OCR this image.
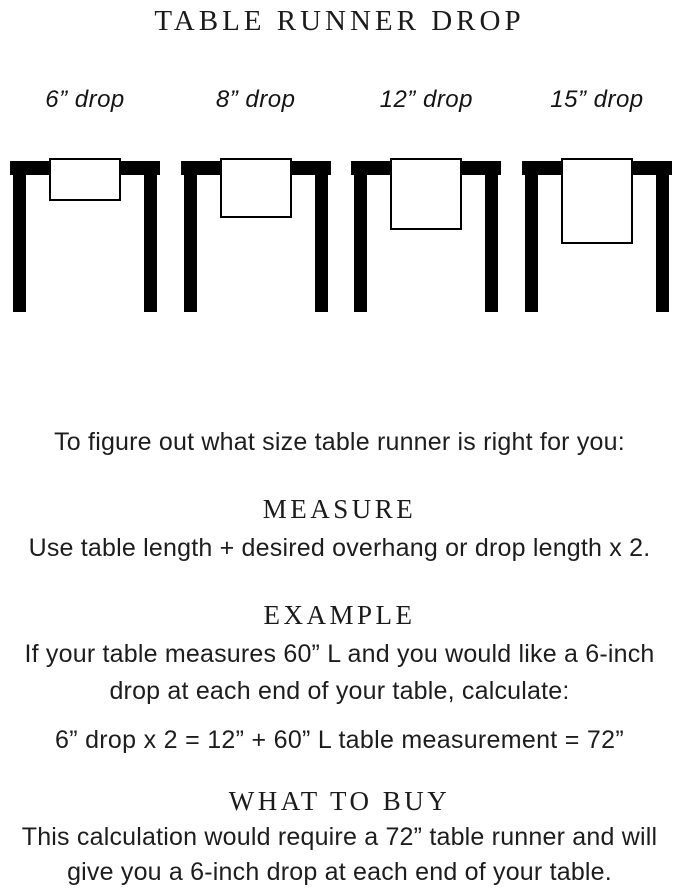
TABLE RUNNER DROP
6” drop	8” drop	12” drop	15” drop

To figure out what size table runner is right for you:

MEASURE

Use table length + desired overhang or drop length x 2.

EXAMPLE

If your table measures 60” L and you would like a 6-inch
drop at each end of your table, calculate:

6” drop x 2 = 12” + 60” L table measurement = 72”

WHAT TO BUY

This calculation would require a 72” table runner and will
give you a 6-inch drop at each end of your table.
